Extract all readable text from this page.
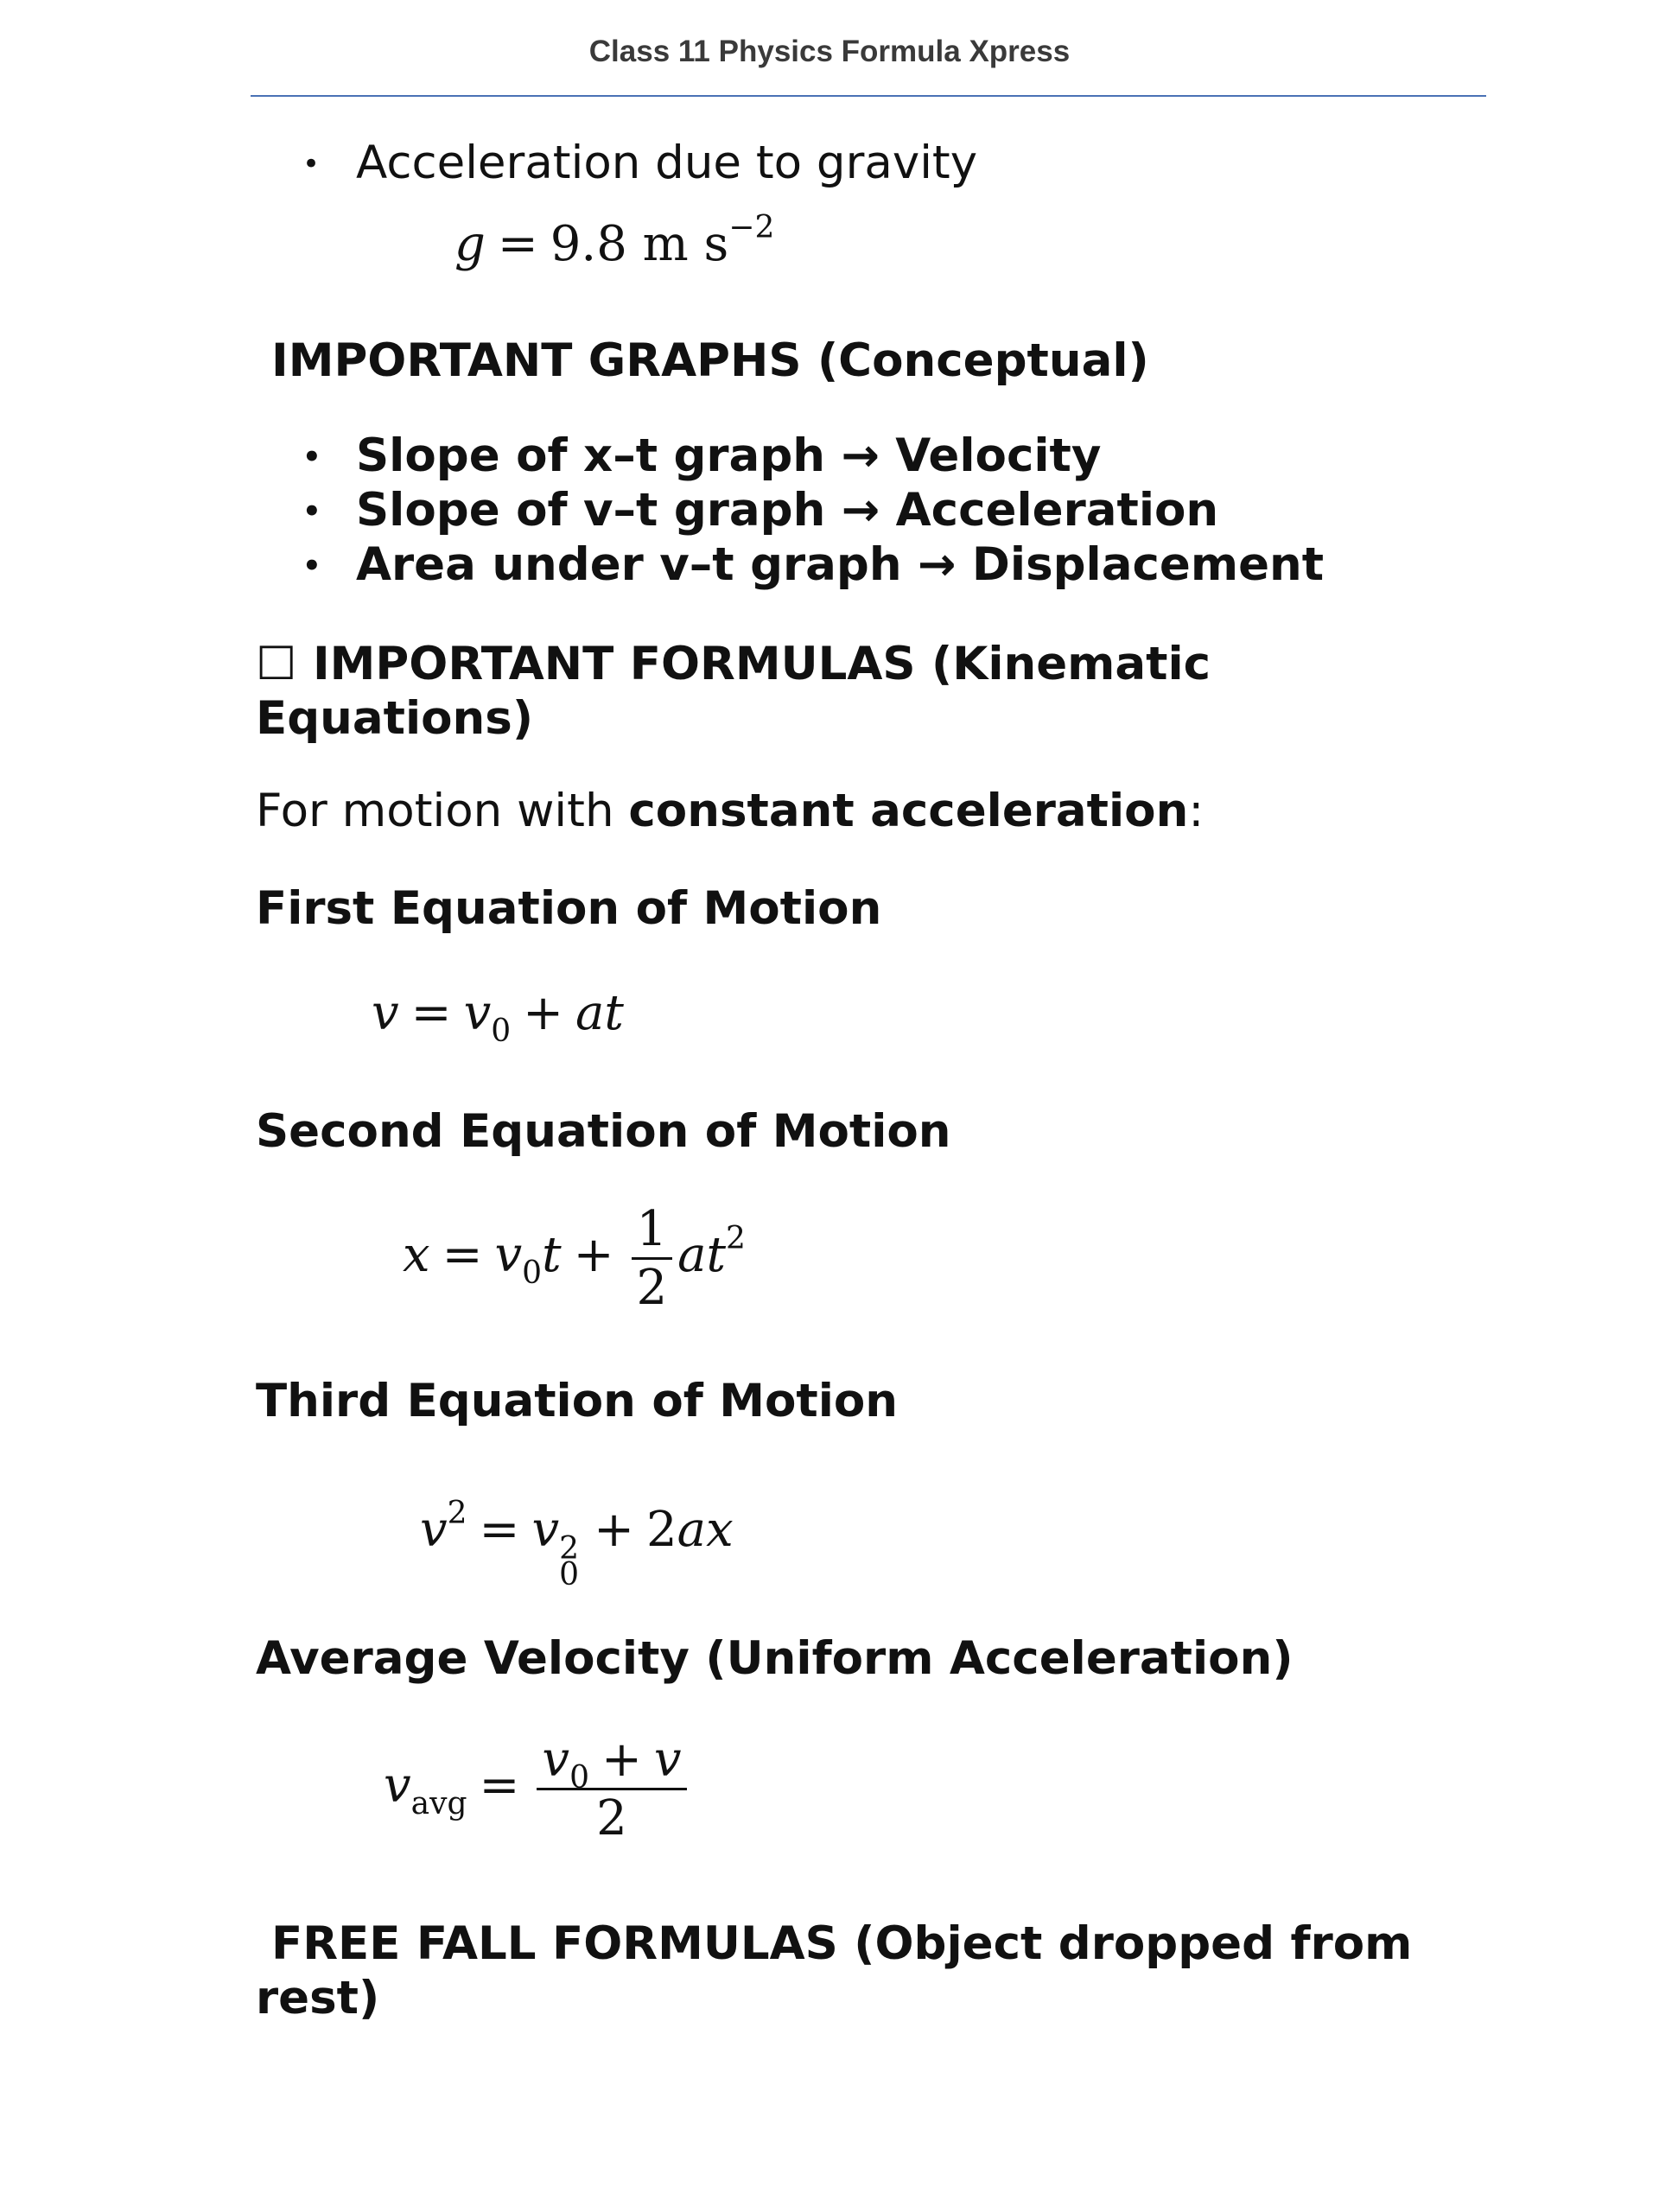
Class 11 Physics Formula Xpress
• Acceleration due to gravity
g = 9.8 m $s^{-2}$
IMPORTANT GRAPHS (Conceptual)
• Slope of x–t graph → Velocity
• Slope of v–t graph → Acceleration
• Area under v–t graph → Displacement
☐ IMPORTANT FORMULAS (Kinematic
Equations)
For motion with constant acceleration:
First Equation of Motion
$v = v_0$ + at
Second Equation of Motion
$x = v_0t + \frac{1}{2} at^2$
Third Equation of Motion
$v^2 = v$ 2
0
+ 2ax
Average Velocity (Uniform Acceleration)
$v_{avg} = \frac{v_0 + v}{2}$
FREE FALL FORMULAS (Object dropped from
rest)
